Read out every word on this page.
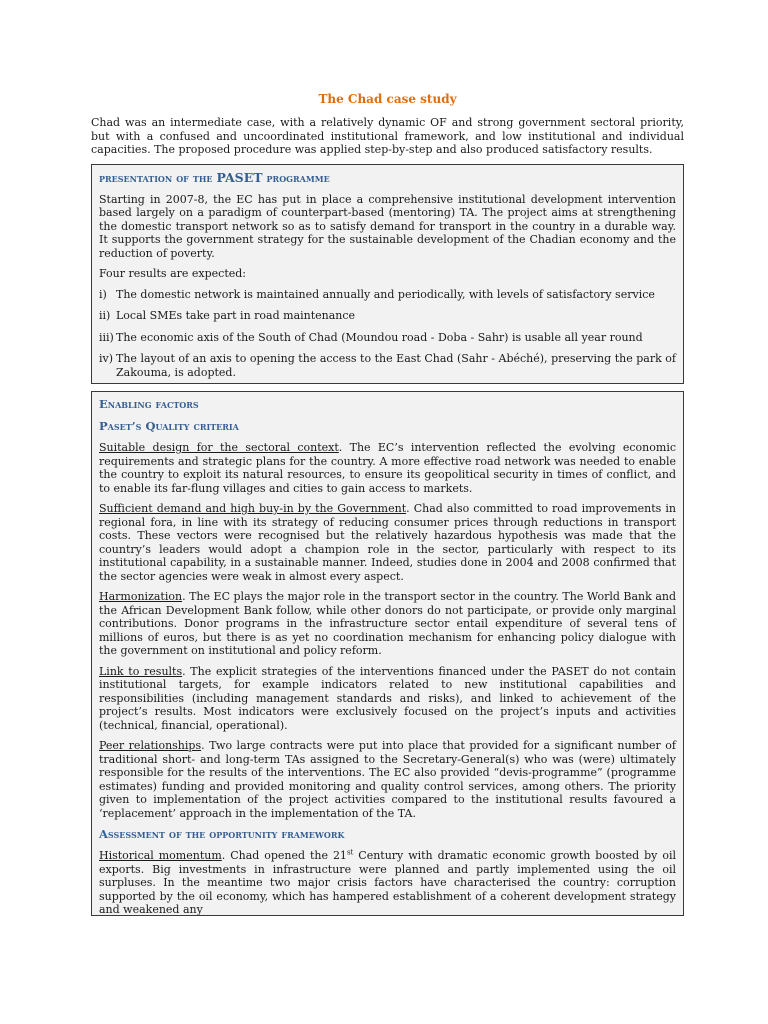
The Chad case study

Chad was an intermediate case, with a relatively dynamic OF and strong government sectoral priority, but with a confused and uncoordinated institutional framework, and low institutional and individual capacities. The proposed procedure was applied step-by-step and also produced satisfactory results.

presentation of the PASET programme

Starting in 2007-8, the EC has put in place a comprehensive institutional development intervention based largely on a paradigm of counterpart-based (mentoring) TA. The project aims at strengthening the domestic transport network so as to satisfy demand for transport in the country in a durable way. It supports the government strategy for the sustainable development of the Chadian economy and the reduction of poverty.

Four results are expected:

i) The domestic network is maintained annually and periodically, with levels of satisfactory service
ii) Local SMEs take part in road maintenance
iii) The economic axis of the South of Chad (Moundou road - Doba - Sahr) is usable all year round
iv) The layout of an axis to opening the access to the East Chad (Sahr - Abéché), preserving the park of Zakouma, is adopted.
Enabling factors
Paset’s Quality criteria

Suitable design for the sectoral context. The EC’s intervention reflected the evolving economic requirements and strategic plans for the country. A more effective road network was needed to enable the country to exploit its natural resources, to ensure its geopolitical security in times of conflict, and to enable its far-flung villages and cities to gain access to markets.

Sufficient demand and high buy-in by the Government. Chad also committed to road improvements in regional fora, in line with its strategy of reducing consumer prices through reductions in transport costs. These vectors were recognised but the relatively hazardous hypothesis was made that the country’s leaders would adopt a champion role in the sector, particularly with respect to its institutional capability, in a sustainable manner. Indeed, studies done in 2004 and 2008 confirmed that the sector agencies were weak in almost every aspect.

Harmonization. The EC plays the major role in the transport sector in the country. The World Bank and the African Development Bank follow, while other donors do not participate, or provide only marginal contributions. Donor programs in the infrastructure sector entail expenditure of several tens of millions of euros, but there is as yet no coordination mechanism for enhancing policy dialogue with the government on institutional and policy reform.

Link to results. The explicit strategies of the interventions financed under the PASET do not contain institutional targets, for example indicators related to new institutional capabilities and responsibilities (including management standards and risks), and linked to achievement of the project’s results. Most indicators were exclusively focused on the project’s inputs and activities (technical, financial, operational).

Peer relationships. Two large contracts were put into place that provided for a significant number of traditional short- and long-term TAs assigned to the Secretary-General(s) who was (were) ultimately responsible for the results of the interventions. The EC also provided “devis-programme” (programme estimates) funding and provided monitoring and quality control services, among others. The priority given to implementation of the project activities compared to the institutional results favoured a ‘replacement’ approach in the implementation of the TA.

Assessment of the opportunity framework

Historical momentum. Chad opened the 21st Century with dramatic economic growth boosted by oil exports. Big investments in infrastructure were planned and partly implemented using the oil surpluses. In the meantime two major crisis factors have characterised the country: corruption supported by the oil economy, which has hampered establishment of a coherent development strategy and weakened any
